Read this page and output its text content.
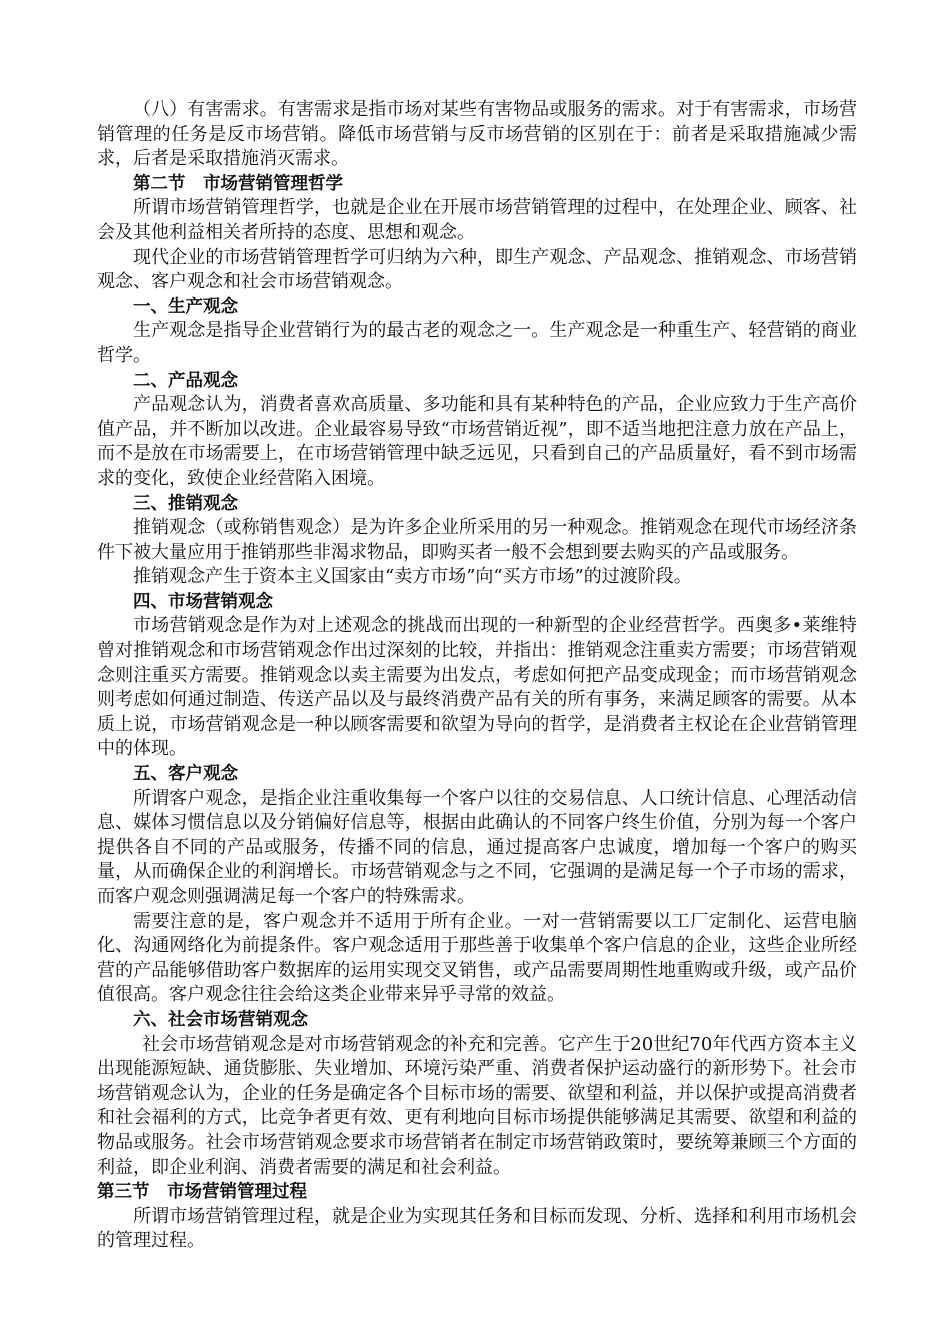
（八）有害需求。有害需求是指市场对某些有害物品或服务的需求。对于有害需求，市场营销管理的任务是反市场营销。降低市场营销与反市场营销的区别在于：前者是采取措施减少需求，后者是采取措施消灭需求。

第二节　市场营销管理哲学

所谓市场营销管理哲学，也就是企业在开展市场营销管理的过程中，在处理企业、顾客、社会及其他利益相关者所持的态度、思想和观念。

现代企业的市场营销管理哲学可归纳为六种，即生产观念、产品观念、推销观念、市场营销观念、客户观念和社会市场营销观念。

一、生产观念

生产观念是指导企业营销行为的最古老的观念之一。生产观念是一种重生产、轻营销的商业哲学。

二、产品观念

产品观念认为，消费者喜欢高质量、多功能和具有某种特色的产品，企业应致力于生产高价值产品，并不断加以改进。企业最容易导致“市场营销近视”，即不适当地把注意力放在产品上，而不是放在市场需要上，在市场营销管理中缺乏远见，只看到自己的产品质量好，看不到市场需求的变化，致使企业经营陷入困境。

三、推销观念

推销观念（或称销售观念）是为许多企业所采用的另一种观念。推销观念在现代市场经济条件下被大量应用于推销那些非渴求物品，即购买者一般不会想到要去购买的产品或服务。

推销观念产生于资本主义国家由“卖方市场”向“买方市场”的过渡阶段。

四、市场营销观念

市场营销观念是作为对上述观念的挑战而出现的一种新型的企业经营哲学。西奥多•莱维特曾对推销观念和市场营销观念作出过深刻的比较，并指出：推销观念注重卖方需要；市场营销观念则注重买方需要。推销观念以卖主需要为出发点，考虑如何把产品变成现金；而市场营销观念则考虑如何通过制造、传送产品以及与最终消费产品有关的所有事务，来满足顾客的需要。从本质上说，市场营销观念是一种以顾客需要和欲望为导向的哲学，是消费者主权论在企业营销管理中的体现。

五、客户观念

所谓客户观念，是指企业注重收集每一个客户以往的交易信息、人口统计信息、心理活动信息、媒体习惯信息以及分销偏好信息等，根据由此确认的不同客户终生价值，分别为每一个客户提供各自不同的产品或服务，传播不同的信息，通过提高客户忠诚度，增加每一个客户的购买量，从而确保企业的利润增长。市场营销观念与之不同，它强调的是满足每一个子市场的需求，而客户观念则强调满足每一个客户的特殊需求。

需要注意的是，客户观念并不适用于所有企业。一对一营销需要以工厂定制化、运营电脑化、沟通网络化为前提条件。客户观念适用于那些善于收集单个客户信息的企业，这些企业所经营的产品能够借助客户数据库的运用实现交叉销售，或产品需要周期性地重购或升级，或产品价值很高。客户观念往往会给这类企业带来异乎寻常的效益。

六、社会市场营销观念

社会市场营销观念是对市场营销观念的补充和完善。它产生于20世纪70年代西方资本主义出现能源短缺、通货膨胀、失业增加、环境污染严重、消费者保护运动盛行的新形势下。社会市场营销观念认为，企业的任务是确定各个目标市场的需要、欲望和利益，并以保护或提高消费者和社会福利的方式，比竞争者更有效、更有利地向目标市场提供能够满足其需要、欲望和利益的物品或服务。社会市场营销观念要求市场营销者在制定市场营销政策时，要统筹兼顾三个方面的利益，即企业利润、消费者需要的满足和社会利益。

第三节　市场营销管理过程

所谓市场营销管理过程，就是企业为实现其任务和目标而发现、分析、选择和利用市场机会的管理过程。
